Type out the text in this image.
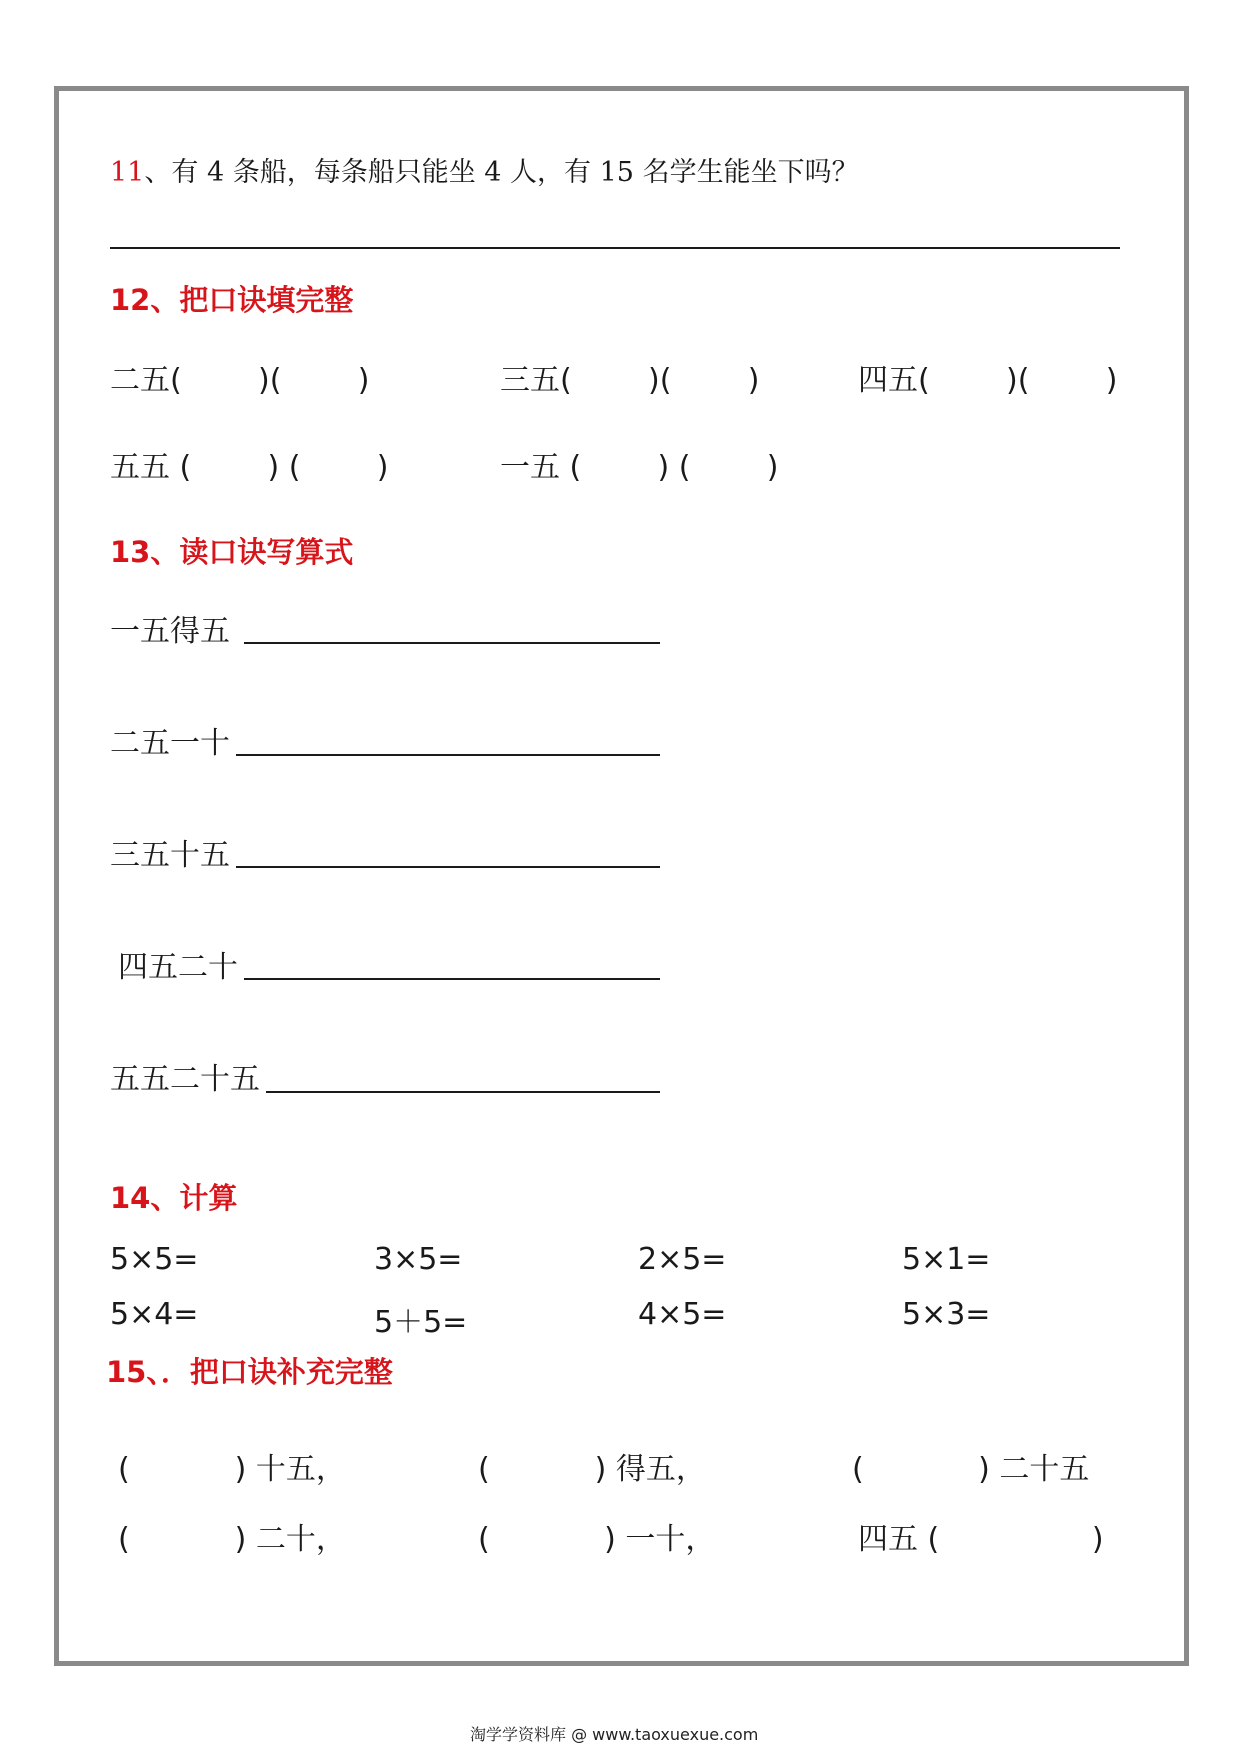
11、有 4 条船，每条船只能坐 4 人，有 15 名学生能坐下吗？
12、把口诀填完整
二五(        )(        )	三五(        )(        )	四五(        )(        )
五五 (        ) (        )	一五 (        ) (        )
13、读口诀写算式
一五得五
二五一十
三五十五
四五二十
五五二十五
14、计算
5×5=	3×5=	2×5=	5×1=
5×4=	5＋5=	4×5=	5×3=
15、．把口诀补充完整
(           ) 十五，	(           ) 得五，	(            ) 二十五
(           ) 二十，	(            ) 一十，	四五 (                )
淘学学资料库 @ www.taoxuexue.com
